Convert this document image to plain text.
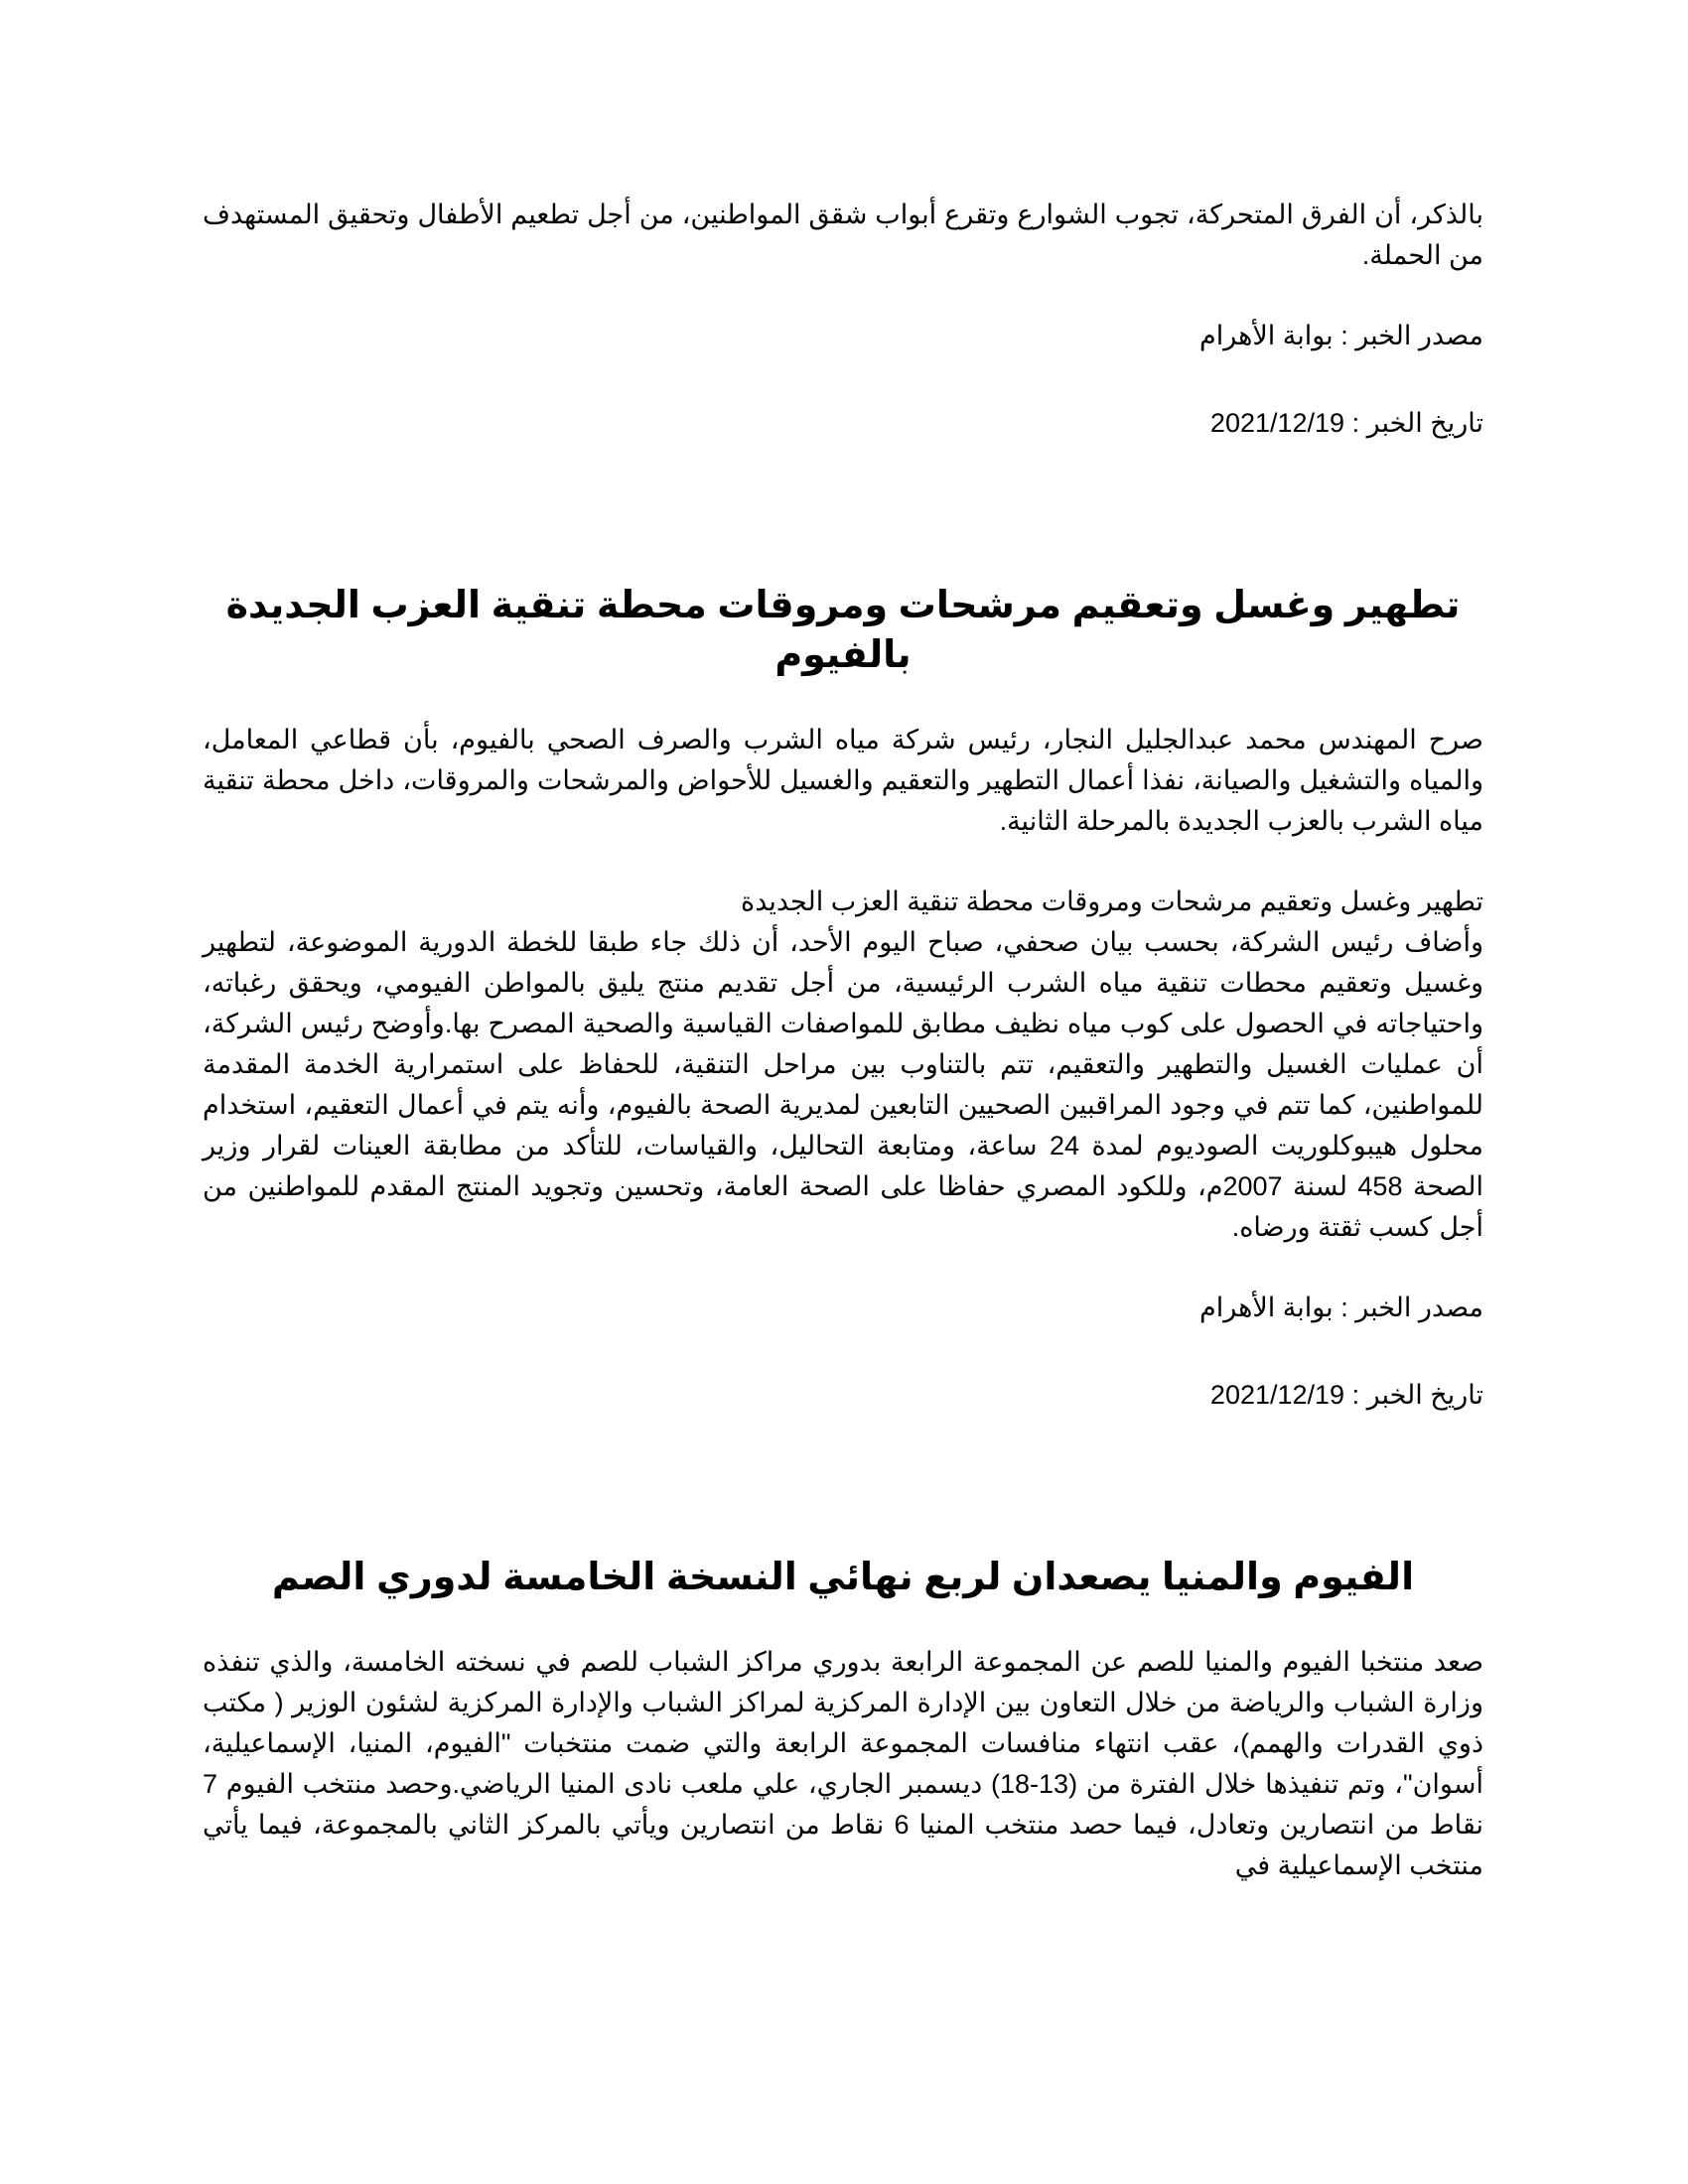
بالذكر، أن الفرق المتحركة، تجوب الشوارع وتقرع أبواب شقق المواطنين، من أجل تطعيم الأطفال وتحقيق المستهدف من الحملة.

مصدر الخبر : بوابة الأهرام

تاريخ الخبر : 2021/12/19

تطهير وغسل وتعقيم مرشحات ومروقات محطة تنقية العزب الجديدة بالفيوم

صرح المهندس محمد عبدالجليل النجار، رئيس شركة مياه الشرب والصرف الصحي بالفيوم، بأن قطاعي المعامل، والمياه والتشغيل والصيانة، نفذا أعمال التطهير والتعقيم والغسيل للأحواض والمرشحات والمروقات، داخل محطة تنقية مياه الشرب بالعزب الجديدة بالمرحلة الثانية.

تطهير وغسل وتعقيم مرشحات ومروقات محطة تنقية العزب الجديدة

وأضاف رئيس الشركة، بحسب بيان صحفي، صباح اليوم الأحد، أن ذلك جاء طبقا للخطة الدورية الموضوعة، لتطهير وغسيل وتعقيم محطات تنقية مياه الشرب الرئيسية، من أجل تقديم منتج يليق بالمواطن الفيومي، ويحقق رغباته، واحتياجاته في الحصول على كوب مياه نظيف مطابق للمواصفات القياسية والصحية المصرح بها.وأوضح رئيس الشركة، أن عمليات الغسيل والتطهير والتعقيم، تتم بالتناوب بين مراحل التنقية، للحفاظ على استمرارية الخدمة المقدمة للمواطنين، كما تتم في وجود المراقبين الصحيين التابعين لمديرية الصحة بالفيوم، وأنه يتم في أعمال التعقيم، استخدام محلول هيبوكلوريت الصوديوم لمدة 24 ساعة، ومتابعة التحاليل، والقياسات، للتأكد من مطابقة العينات لقرار وزير الصحة 458 لسنة 2007م، وللكود المصري حفاظا على الصحة العامة، وتحسين وتجويد المنتج المقدم للمواطنين من أجل كسب ثقتة ورضاه.

مصدر الخبر : بوابة الأهرام

تاريخ الخبر : 2021/12/19

الفيوم والمنيا يصعدان لربع نهائي النسخة الخامسة لدوري الصم

صعد منتخبا الفيوم والمنيا للصم عن المجموعة الرابعة بدوري مراكز الشباب للصم في نسخته الخامسة، والذي تنفذه وزارة الشباب والرياضة من خلال التعاون بين الإدارة المركزية لمراكز الشباب والإدارة المركزية لشئون الوزير ( مكتب ذوي القدرات والهمم)، عقب انتهاء منافسات المجموعة الرابعة والتي ضمت منتخبات "الفيوم، المنيا، الإسماعيلية، أسوان"، وتم تنفيذها خلال الفترة من (13-18) ديسمبر الجاري، علي ملعب نادى المنيا الرياضي.وحصد منتخب الفيوم 7 نقاط من انتصارين وتعادل، فيما حصد منتخب المنيا 6 نقاط من انتصارين ويأتي بالمركز الثاني بالمجموعة، فيما يأتي منتخب الإسماعيلية في
